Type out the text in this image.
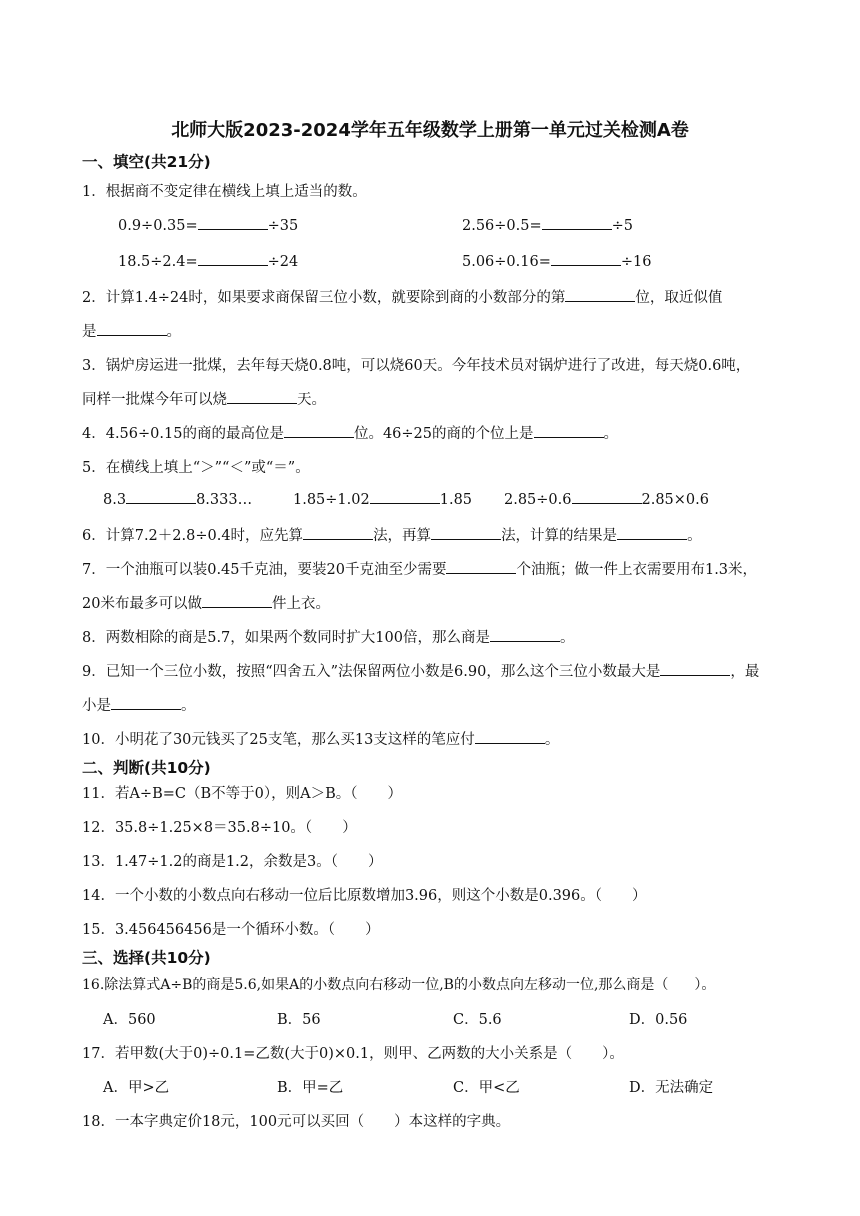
北师大版2023-2024学年五年级数学上册第一单元过关检测A卷
一、填空(共21分)
1．根据商不变定律在横线上填上适当的数。
0.9÷0.35=	÷35	2.56÷0.5=	÷5
18.5÷2.4=	÷24	5.06÷0.16=	÷16
2．计算1.4÷24时，如果要求商保留三位小数，就要除到商的小数部分的第	位，取近似值
是	。
3．锅炉房运进一批煤，去年每天烧0.8吨，可以烧60天。今年技术员对锅炉进行了改进，每天烧0.6吨，
同样一批煤今年可以烧	天。
4．4.56÷0.15的商的最高位是	位。46÷25的商的个位上是	。
5．在横线上填上“＞”“＜”或“＝”。
8.3	8.333…	1.85÷1.02	1.85 2.85÷0.6	2.85×0.6
6．计算7.2＋2.8÷0.4时，应先算	法，再算	法，计算的结果是	。
7．一个油瓶可以装0.45千克油，要装20千克油至少需要	个油瓶；做一件上衣需要用布1.3米，
20米布最多可以做	件上衣。
8．两数相除的商是5.7，如果两个数同时扩大100倍，那么商是	。
9．已知一个三位小数，按照“四舍五入”法保留两位小数是6.90，那么这个三位小数最大是	，最
小是	。
10．小明花了30元钱买了25支笔，那么买13支这样的笔应付	。
二、判断(共10分)
11．若A÷B=C（B不等于0），则A＞B。（ ）
12．35.8÷1.25×8＝35.8÷10。（ ）
13．1.47÷1.2的商是1.2，余数是3。（ ）
14．一个小数的小数点向右移动一位后比原数增加3.96，则这个小数是0.396。（ ）
15．3.456456456是一个循环小数。（ ）
三、选择(共10分)
16.除法算式A÷B的商是5.6,如果A的小数点向右移动一位,B的小数点向左移动一位,那么商是（ ）。
A．560	B．56	C．5.6	D．0.56
17．若甲数(大于0)÷0.1=乙数(大于0)×0.1，则甲、乙两数的大小关系是（ ）。
A．甲>乙	B．甲=乙	C．甲<乙	D．无法确定
18．一本字典定价18元，100元可以买回（ ）本这样的字典。
